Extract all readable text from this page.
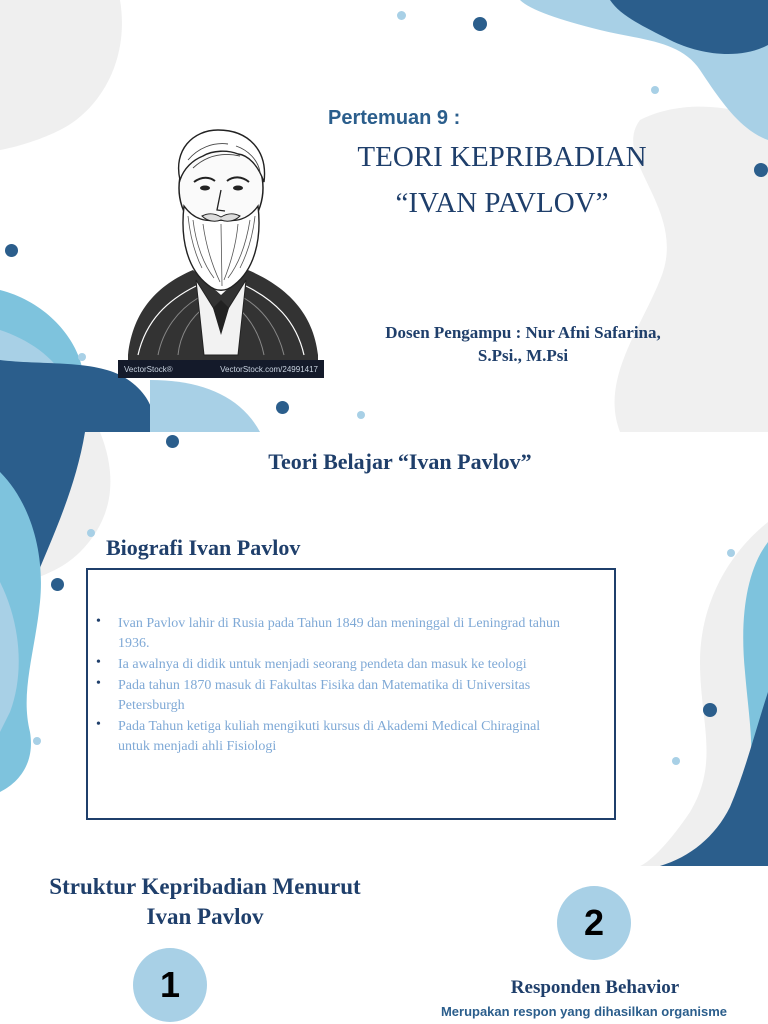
VectorStock®	VectorStock.com/24991417
Pertemuan 9 :
TEORI KEPRIBADIAN
“IVAN PAVLOV”
Dosen Pengampu : Nur Afni Safarina,
S.Psi., M.Psi
Teori Belajar “Ivan Pavlov”
Biografi Ivan Pavlov
• Ivan Pavlov lahir di Rusia pada Tahun 1849 dan meninggal di Leningrad tahun 1936.
• Ia awalnya di didik untuk menjadi seorang pendeta dan masuk ke teologi
• Pada tahun 1870 masuk di Fakultas Fisika dan Matematika di Universitas Petersburgh
• Pada Tahun ketiga kuliah mengikuti kursus di Akademi Medical Chiraginal untuk menjadi ahli Fisiologi
Struktur Kepribadian Menurut
Ivan Pavlov
1
2
Responden Behavior
Merupakan respon yang dihasilkan organisme
